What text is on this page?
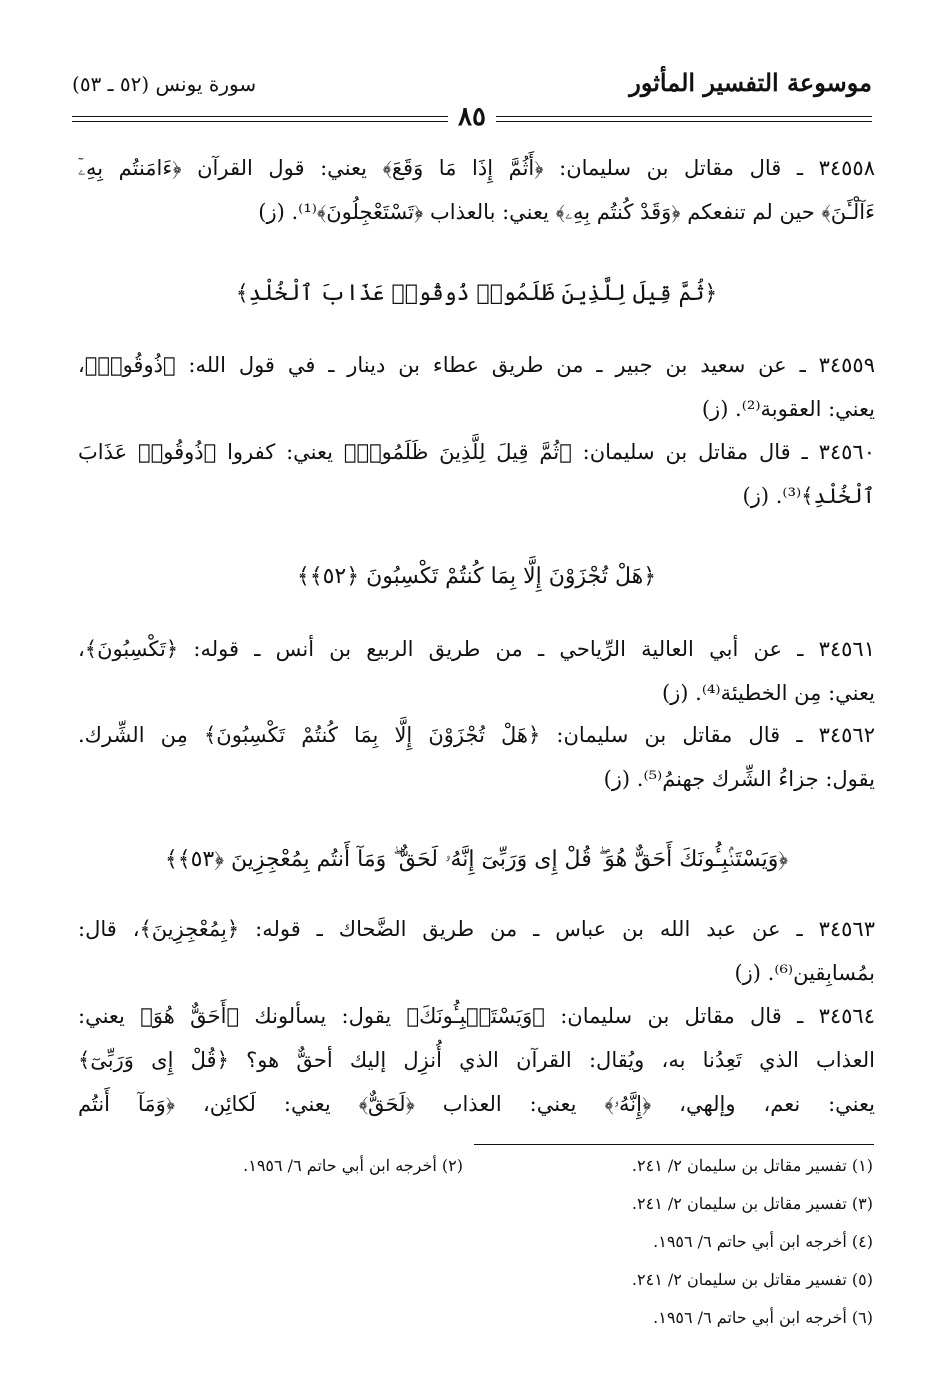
موسوعة التفسير المأثور
سورة يونس (٥٢ ـ ٥٣)
٨٥
٣٤٥٥٨ ـ قال مقاتل بن سليمان: ﴿أَثُمَّ إِذَا مَا وَقَعَ﴾ يعني: قول القرآن ﴿ءَامَنتُم بِهِۦٓ
ءَآلْـَٔنَ﴾ حين لم تنفعكم ﴿وَقَدْ كُنتُم بِهِۦ﴾ يعني: بالعذاب ﴿تَسْتَعْجِلُونَ﴾⁽¹⁾. (ز)
﴿ثُمَّ قِيلَ لِلَّذِينَ ظَلَمُوا۟ ذُوقُوا۟ عَذَابَ ٱلْخُلْدِ﴾
٣٤٥٥٩ ـ عن سعيد بن جبير ـ من طريق عطاء بن دينار ـ في قول الله: ﴿ذُوقُوا۟﴾،
يعني: العقوبة⁽²⁾. (ز)
٣٤٥٦٠ ـ قال مقاتل بن سليمان: ﴿ثُمَّ قِيلَ لِلَّذِينَ ظَلَمُوا۟﴾ يعني: كفروا ﴿ذُوقُوا۟ عَذَابَ
ٱلْخُلْدِ﴾⁽³⁾. (ز)
﴿هَلْ تُجْزَوْنَ إِلَّا بِمَا كُنتُمْ تَكْسِبُونَ ﴿٥٢﴾﴾
٣٤٥٦١ ـ عن أبي العالية الرِّياحي ـ من طريق الربيع بن أنس ـ قوله: ﴿تَكْسِبُونَ﴾،
يعني: مِن الخطيئة⁽⁴⁾. (ز)
٣٤٥٦٢ ـ قال مقاتل بن سليمان: ﴿هَلْ تُجْزَوْنَ إِلَّا بِمَا كُنتُمْ تَكْسِبُونَ﴾ مِن الشِّرك.
يقول: جزاءُ الشِّرك جهنمُ⁽⁵⁾. (ز)
﴿وَيَسْتَنۢبِـُٔونَكَ أَحَقٌّ هُوَ ۖ قُلْ إِى وَرَبِّىٓ إِنَّهُۥ لَحَقٌّ ۖ وَمَآ أَنتُم بِمُعْجِزِينَ ﴿٥٣﴾﴾
٣٤٥٦٣ ـ عن عبد الله بن عباس ـ من طريق الضَّحاك ـ قوله: ﴿بِمُعْجِزِينَ﴾، قال:
بمُسابِقين⁽⁶⁾. (ز)
٣٤٥٦٤ ـ قال مقاتل بن سليمان: ﴿وَيَسْتَنۢبِـُٔونَكَ﴾ يقول: يسألونك ﴿أَحَقٌّ هُوَ﴾ يعني:
العذاب الذي تَعِدُنا به، ويُقال: القرآن الذي أُنزِل إليك أحقٌّ هو؟ ﴿قُلْ إِى وَرَبِّىٓ﴾
يعني: نعم، وإلهي، ﴿إِنَّهُۥ﴾ يعني: العذاب ﴿لَحَقٌّ﴾ يعني: لَكائِن، ﴿وَمَآ أَنتُم
(١) تفسير مقاتل بن سليمان ٢/ ٢٤١.
(٢) أخرجه ابن أبي حاتم ٦/ ١٩٥٦.
(٣) تفسير مقاتل بن سليمان ٢/ ٢٤١.
(٤) أخرجه ابن أبي حاتم ٦/ ١٩٥٦.
(٥) تفسير مقاتل بن سليمان ٢/ ٢٤١.
(٦) أخرجه ابن أبي حاتم ٦/ ١٩٥٦.
